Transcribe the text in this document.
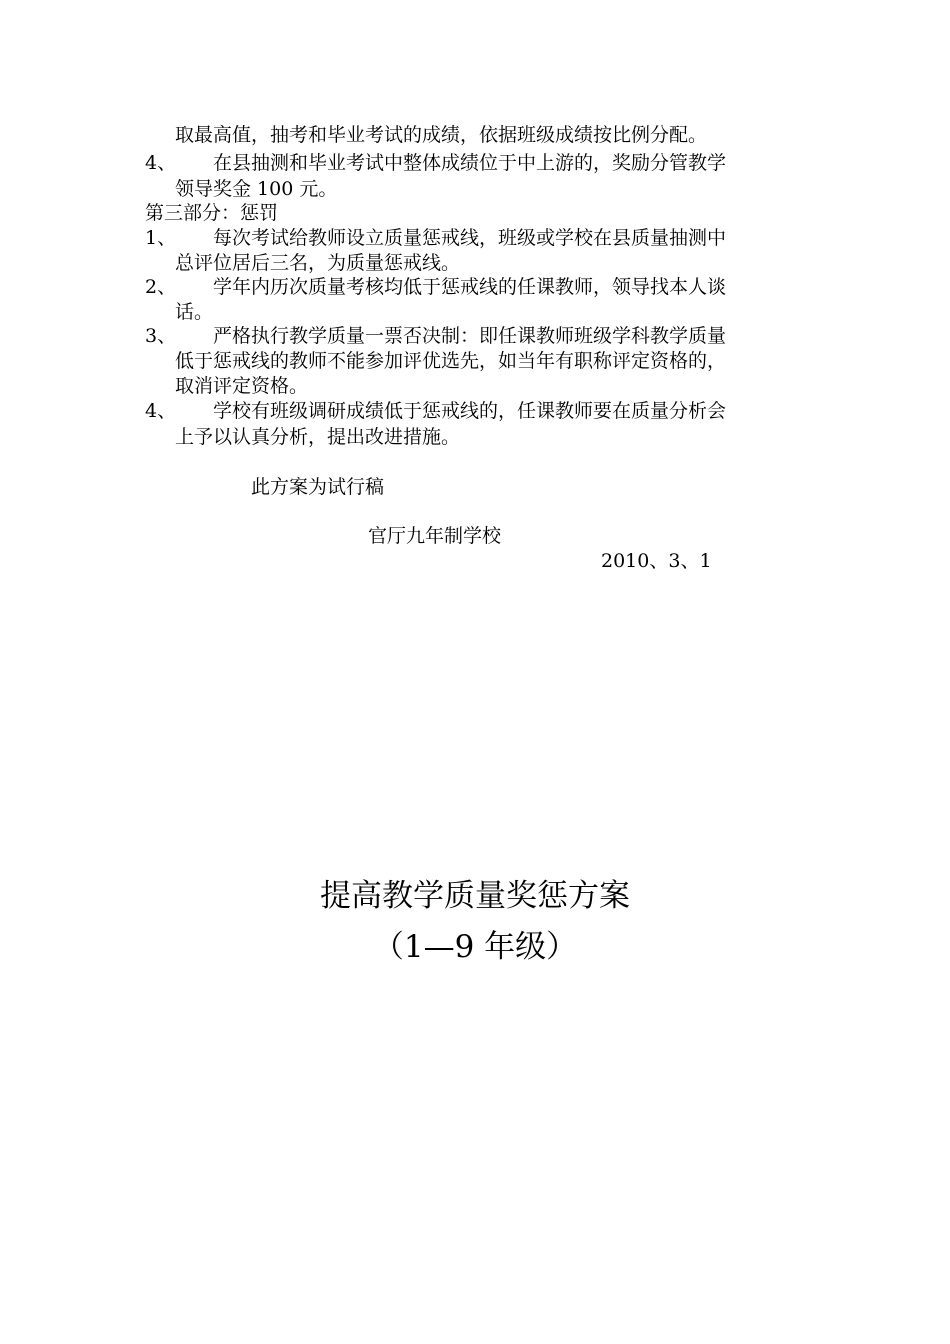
取最高值，抽考和毕业考试的成绩，依据班级成绩按比例分配。
4、 在县抽测和毕业考试中整体成绩位于中上游的，奖励分管教学
领导奖金 100 元。
第三部分：惩罚
1、 每次考试给教师设立质量惩戒线，班级或学校在县质量抽测中
总评位居后三名，为质量惩戒线。
2、 学年内历次质量考核均低于惩戒线的任课教师，领导找本人谈
话。
3、 严格执行教学质量一票否决制：即任课教师班级学科教学质量
低于惩戒线的教师不能参加评优选先，如当年有职称评定资格的，
取消评定资格。
4、 学校有班级调研成绩低于惩戒线的，任课教师要在质量分析会
上予以认真分析，提出改进措施。
此方案为试行稿
官厅九年制学校
2010、3、1
提高教学质量奖惩方案
（1—9 年级）
